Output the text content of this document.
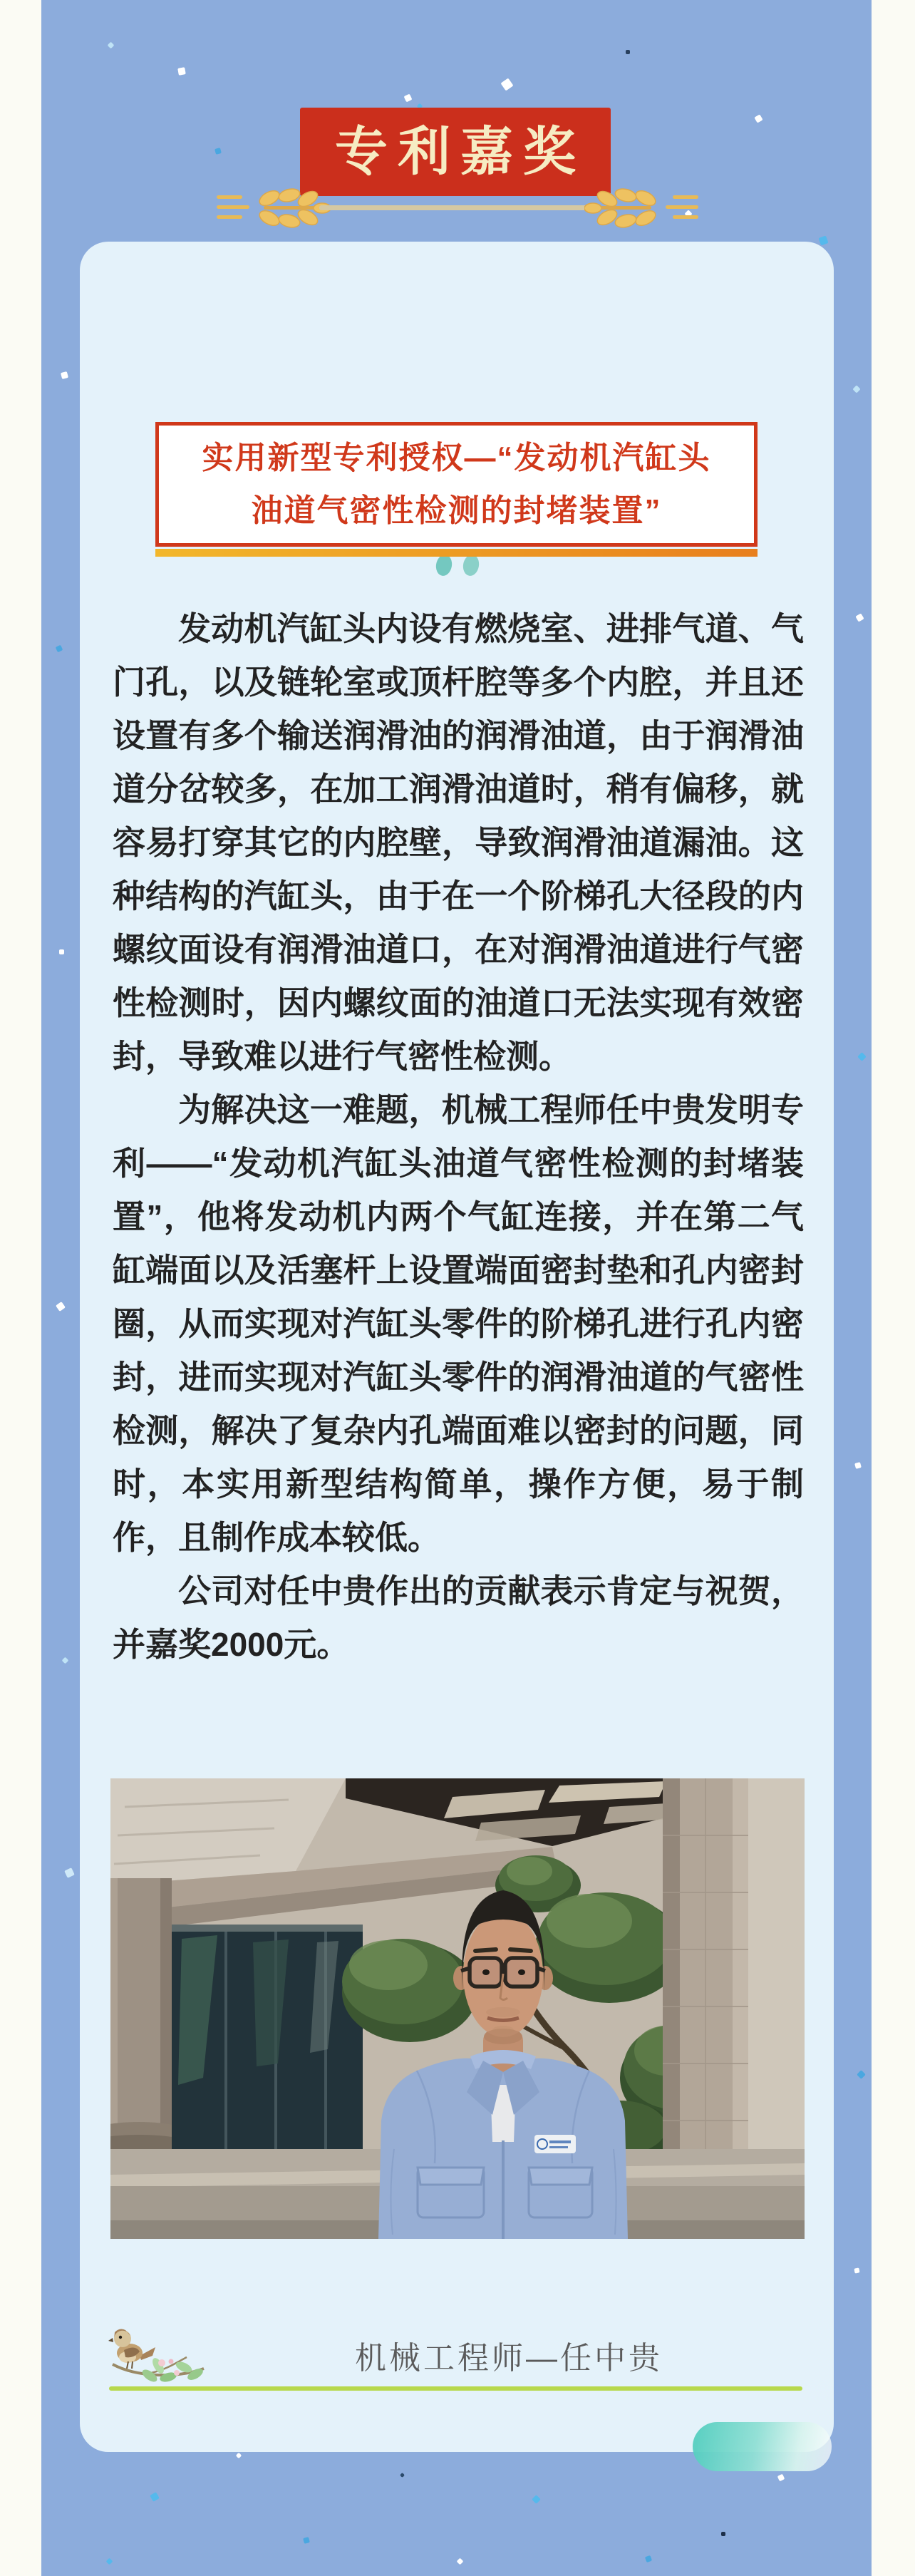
专利嘉奖
实用新型专利授权—“发动机汽缸头
油道气密性检测的封堵装置”

发动机汽缸头内设有燃烧室、进排气道、气门孔，以及链轮室或顶杆腔等多个内腔，并且还设置有多个输送润滑油的润滑油道，由于润滑油道分岔较多，在加工润滑油道时，稍有偏移，就容易打穿其它的内腔壁，导致润滑油道漏油。这种结构的汽缸头，由于在一个阶梯孔大径段的内螺纹面设有润滑油道口，在对润滑油道进行气密性检测时，因内螺纹面的油道口无法实现有效密封，导致难以进行气密性检测。

为解决这一难题，机械工程师任中贵发明专利——“发动机汽缸头油道气密性检测的封堵装置”，他将发动机内两个气缸连接，并在第二气缸端面以及活塞杆上设置端面密封垫和孔内密封圈，从而实现对汽缸头零件的阶梯孔进行孔内密封，进而实现对汽缸头零件的润滑油道的气密性检测，解决了复杂内孔端面难以密封的问题，同时，本实用新型结构简单，操作方便，易于制作，且制作成本较低。

公司对任中贵作出的贡献表示肯定与祝贺，并嘉奖2000元。

机械工程师—任中贵
